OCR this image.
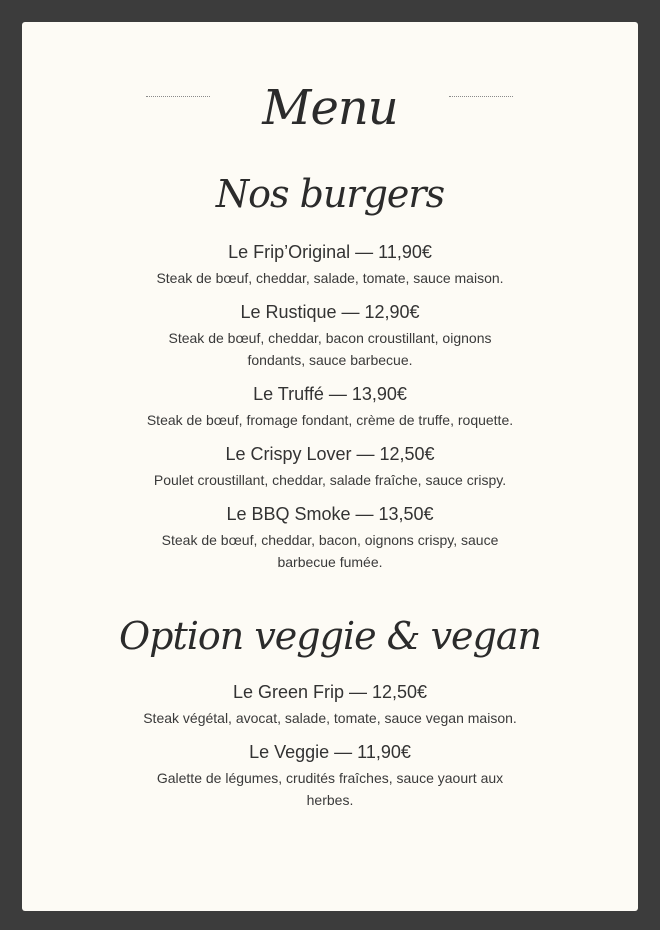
Menu
Nos burgers

Le Frip’Original — 11,90€

Steak de bœuf, cheddar, salade, tomate, sauce maison.

Le Rustique — 12,90€

Steak de bœuf, cheddar, bacon croustillant, oignons fondants, sauce barbecue.

Le Truffé — 13,90€

Steak de bœuf, fromage fondant, crème de truffe, roquette.

Le Crispy Lover — 12,50€

Poulet croustillant, cheddar, salade fraîche, sauce crispy.

Le BBQ Smoke — 13,50€

Steak de bœuf, cheddar, bacon, oignons crispy, sauce barbecue fumée.

Option veggie & vegan

Le Green Frip — 12,50€

Steak végétal, avocat, salade, tomate, sauce vegan maison.

Le Veggie — 11,90€

Galette de légumes, crudités fraîches, sauce yaourt aux herbes.
